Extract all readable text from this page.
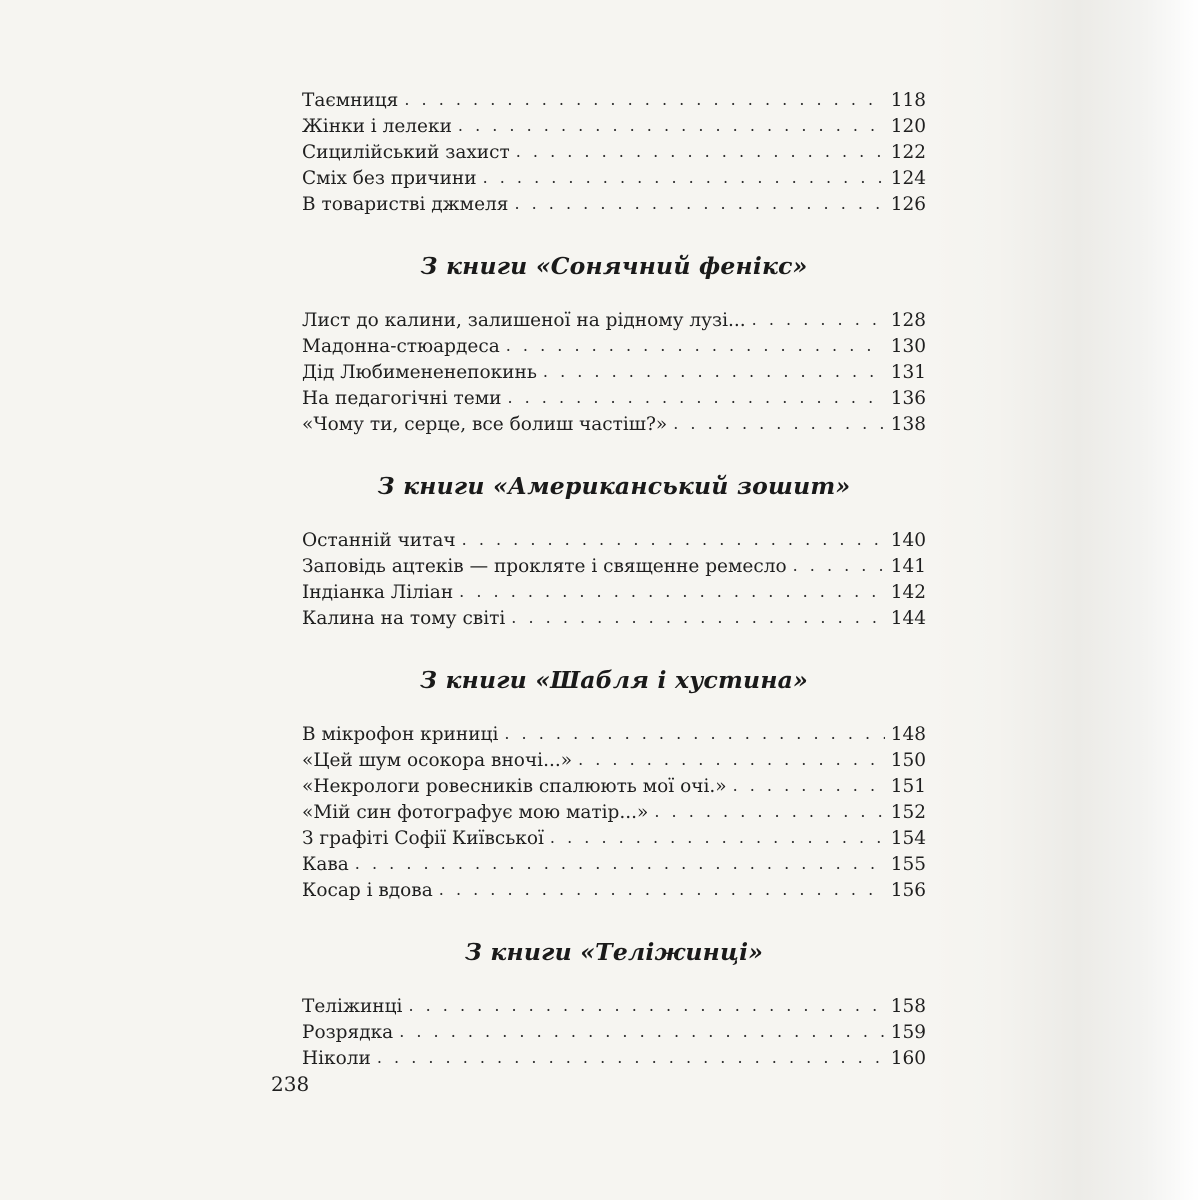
Таємниця . . .	118
Жінки і лелеки . . .	120
Сицилійський захист . . .	122
Сміх без причини . . .	124
В товаристві джмеля . . .	126
З книги «Сонячний фенікс»
Лист до калини, залишеної на рідному лузі... . . .	128
Мадонна-стюардеса . . .	130
Дід Любимененепокинь . . .	131
На педагогічні теми . . .	136
«Чому ти, серце, все болиш частіш?» . . .	138
З книги «Американський зошит»
Останній читач . . .	140
Заповідь ацтеків — прокляте і священне ремесло . . .	141
Індіанка Ліліан . . .	142
Калина на тому світі . . .	144
З книги «Шабля і хустина»
В мікрофон криниці . . .	148
«Цей шум осокора вночі...» . . .	150
«Некрологи ровесників спалюють мої очі.» . . .	151
«Мій син фотографує мою матір...» . . .	152
З графіті Софії Київської . . .	154
Кава . . .	155
Косар і вдова . . .	156
З книги «Теліжинці»
Теліжинці . . .	158
Розрядка . . .	159
Ніколи . . .	160
238
